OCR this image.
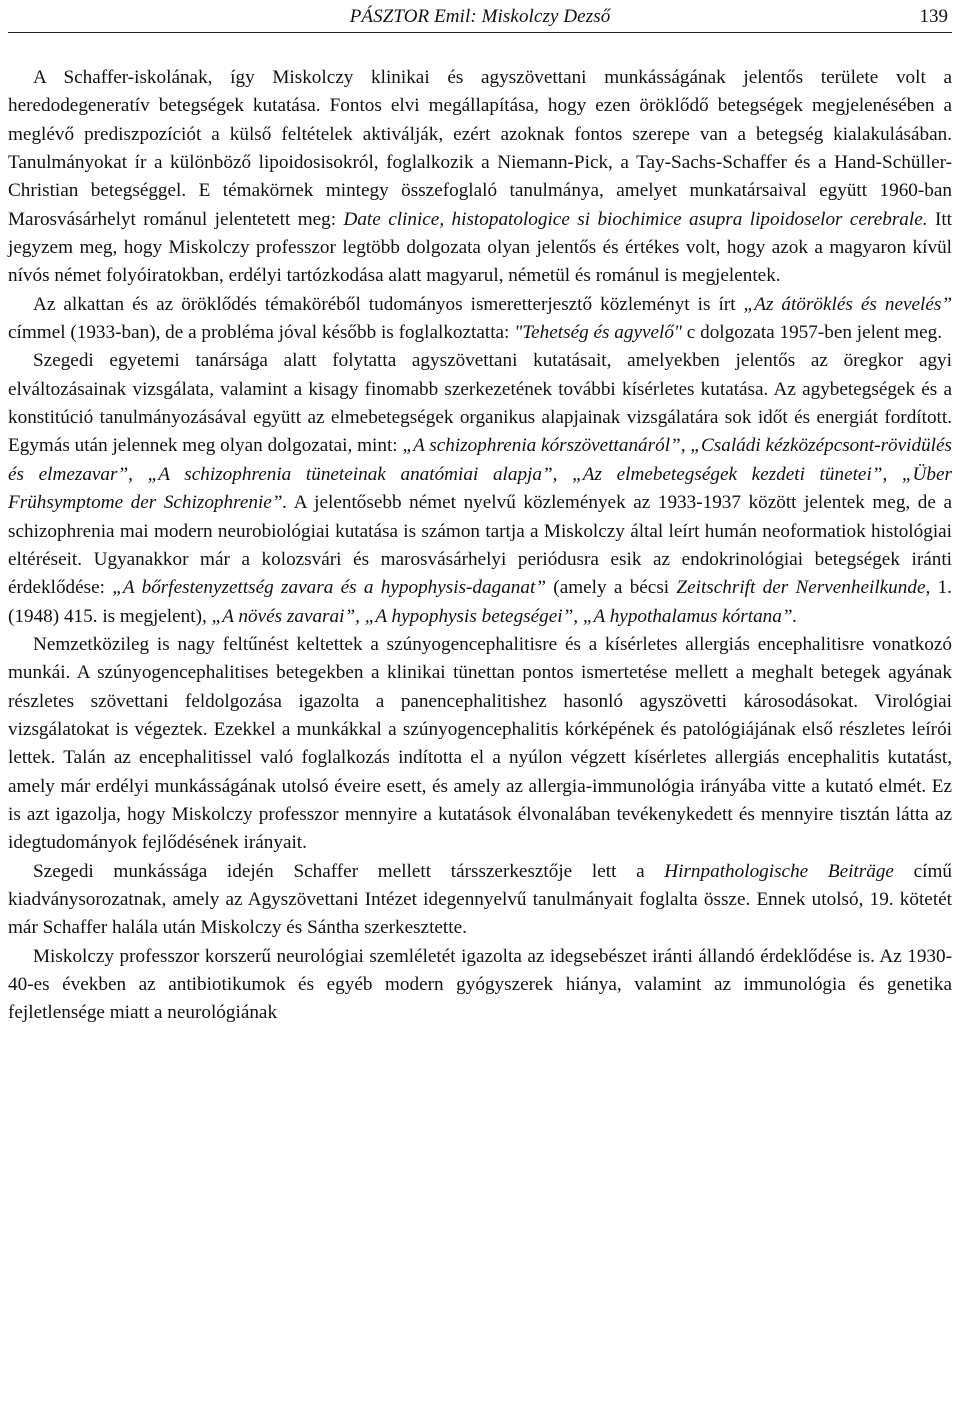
PÁSZTOR Emil: Miskolczy Dezső	139

A Schaffer-iskolának, így Miskolczy klinikai és agyszövettani munkásságának jelentős területe volt a heredodegeneratív betegségek kutatása. Fontos elvi megállapítása, hogy ezen öröklődő betegségek megjelenésében a meglévő prediszpozíciót a külső feltételek aktiválják, ezért azoknak fontos szerepe van a betegség kialakulásában. Tanulmányokat ír a különböző lipoidosisokról, foglalkozik a Niemann-Pick, a Tay-Sachs-Schaffer és a Hand-Schüller-Christian betegséggel. E témakörnek mintegy összefoglaló tanulmánya, amelyet munkatársaival együtt 1960-ban Marosvásárhelyt románul jelentetett meg: Date clinice, histopatologice si biochimice asupra lipoidoselor cerebrale. Itt jegyzem meg, hogy Miskolczy professzor legtöbb dolgozata olyan jelentős és értékes volt, hogy azok a magyaron kívül nívós német folyóiratokban, erdélyi tartózkodása alatt magyarul, németül és románul is megjelentek.

Az alkattan és az öröklődés témaköréből tudományos ismeretterjesztő közleményt is írt „Az átöröklés és nevelés” címmel (1933-ban), de a probléma jóval később is foglalkoztatta: "Tehetség és agyvelő" c dolgozata 1957-ben jelent meg.

Szegedi egyetemi tanársága alatt folytatta agyszövettani kutatásait, amelyekben jelentős az öregkor agyi elváltozásainak vizsgálata, valamint a kisagy finomabb szerkezetének további kísérletes kutatása. Az agybetegségek és a konstitúció tanulmányozásával együtt az elmebetegségek organikus alapjainak vizsgálatára sok időt és energiát fordított. Egymás után jelennek meg olyan dolgozatai, mint: „A schizophrenia kórszövettanáról”, „Családi kézközépcsont-rövidülés és elmezavar”, „A schizophrenia tüneteinak anatómiai alapja”, „Az elmebetegségek kezdeti tünetei”, „Über Frühsymptome der Schizophrenie”. A jelentősebb német nyelvű közlemények az 1933-1937 között jelentek meg, de a schizophrenia mai modern neurobiológiai kutatása is számon tartja a Miskolczy által leírt humán neoformatiok histológiai eltéréseit. Ugyanakkor már a kolozsvári és marosvásárhelyi periódusra esik az endokrinológiai betegségek iránti érdeklődése: „A bőrfestenyzettség zavara és a hypophysis-daganat” (amely a bécsi Zeitschrift der Nervenheilkunde, 1. (1948) 415. is megjelent), „A növés zavarai”, „A hypophysis betegségei”, „A hypothalamus kórtana”.

Nemzetközileg is nagy feltűnést keltettek a szúnyogencephalitisre és a kísérletes allergiás encephalitisre vonatkozó munkái. A szúnyogencephalitises betegekben a klinikai tünettan pontos ismertetése mellett a meghalt betegek agyának részletes szövettani feldolgozása igazolta a panencephalitishez hasonló agyszövetti károsodásokat. Virológiai vizsgálatokat is végeztek. Ezekkel a munkákkal a szúnyogencephalitis kórképének és patológiájának első részletes leírói lettek. Talán az encephalitissel való foglalkozás indította el a nyúlon végzett kísérletes allergiás encephalitis kutatást, amely már erdélyi munkásságának utolsó éveire esett, és amely az allergia-immunológia irányába vitte a kutató elmét. Ez is azt igazolja, hogy Miskolczy professzor mennyire a kutatások élvonalában tevékenykedett és mennyire tisztán látta az idegtudományok fejlődésének irányait.

Szegedi munkássága idején Schaffer mellett társszerkesztője lett a Hirnpathologische Beiträge című kiadványsorozatnak, amely az Agyszövettani Intézet idegennyelvű tanulmányait foglalta össze. Ennek utolsó, 19. kötetét már Schaffer halála után Miskolczy és Sántha szerkesztette.

Miskolczy professzor korszerű neurológiai szemléletét igazolta az idegsebészet iránti állandó érdeklődése is. Az 1930-40-es években az antibiotikumok és egyéb modern gyógyszerek hiánya, valamint az immunológia és genetika fejletlensége miatt a neurológiának
